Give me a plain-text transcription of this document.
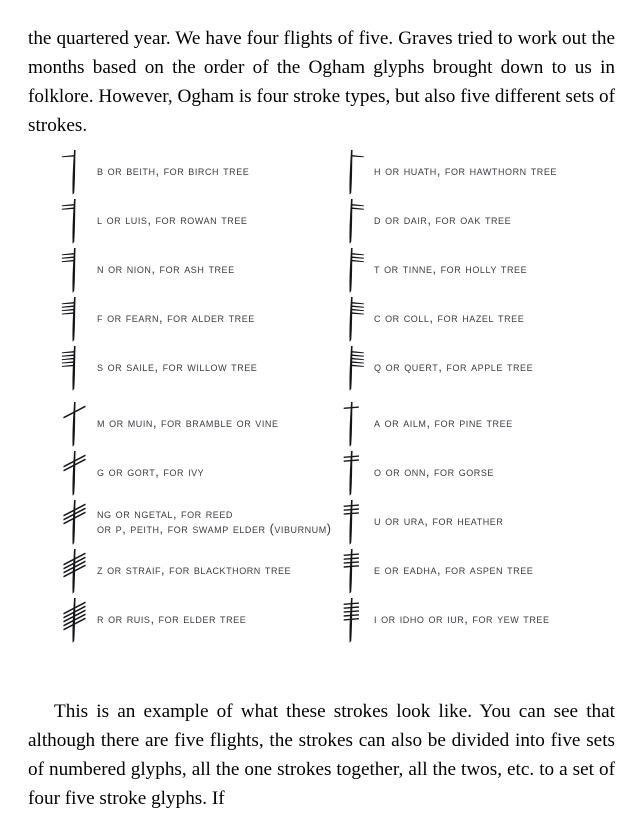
the quartered year. We have four flights of five. Graves tried to work out the months based on the order of the Ogham glyphs brought down to us in folklore. However, Ogham is four stroke types, but also five different sets of strokes.

b or beith, for birch tree
l or luis, for rowan tree
n or nion, for ash tree
f or fearn, for alder tree
s or saile, for willow tree
h or huath, for hawthorn tree
d or dair, for oak tree
t or tinne, for holly tree
c or coll, for hazel tree
q or quert, for apple tree
m or muin, for bramble or vine
g or gort, for ivy
ng or ngetal, for reed
or p, peith, for swamp elder (viburnum)
z or straif, for blackthorn tree
r or ruis, for elder tree
a or ailm, for pine tree
o or onn, for gorse
u or ura, for heather
e or eadha, for aspen tree
i or idho or iur, for yew tree

This is an example of what these strokes look like. You can see that although there are five flights, the strokes can also be divided into five sets of numbered glyphs, all the one strokes together, all the twos, etc. to a set of four five stroke glyphs. If
